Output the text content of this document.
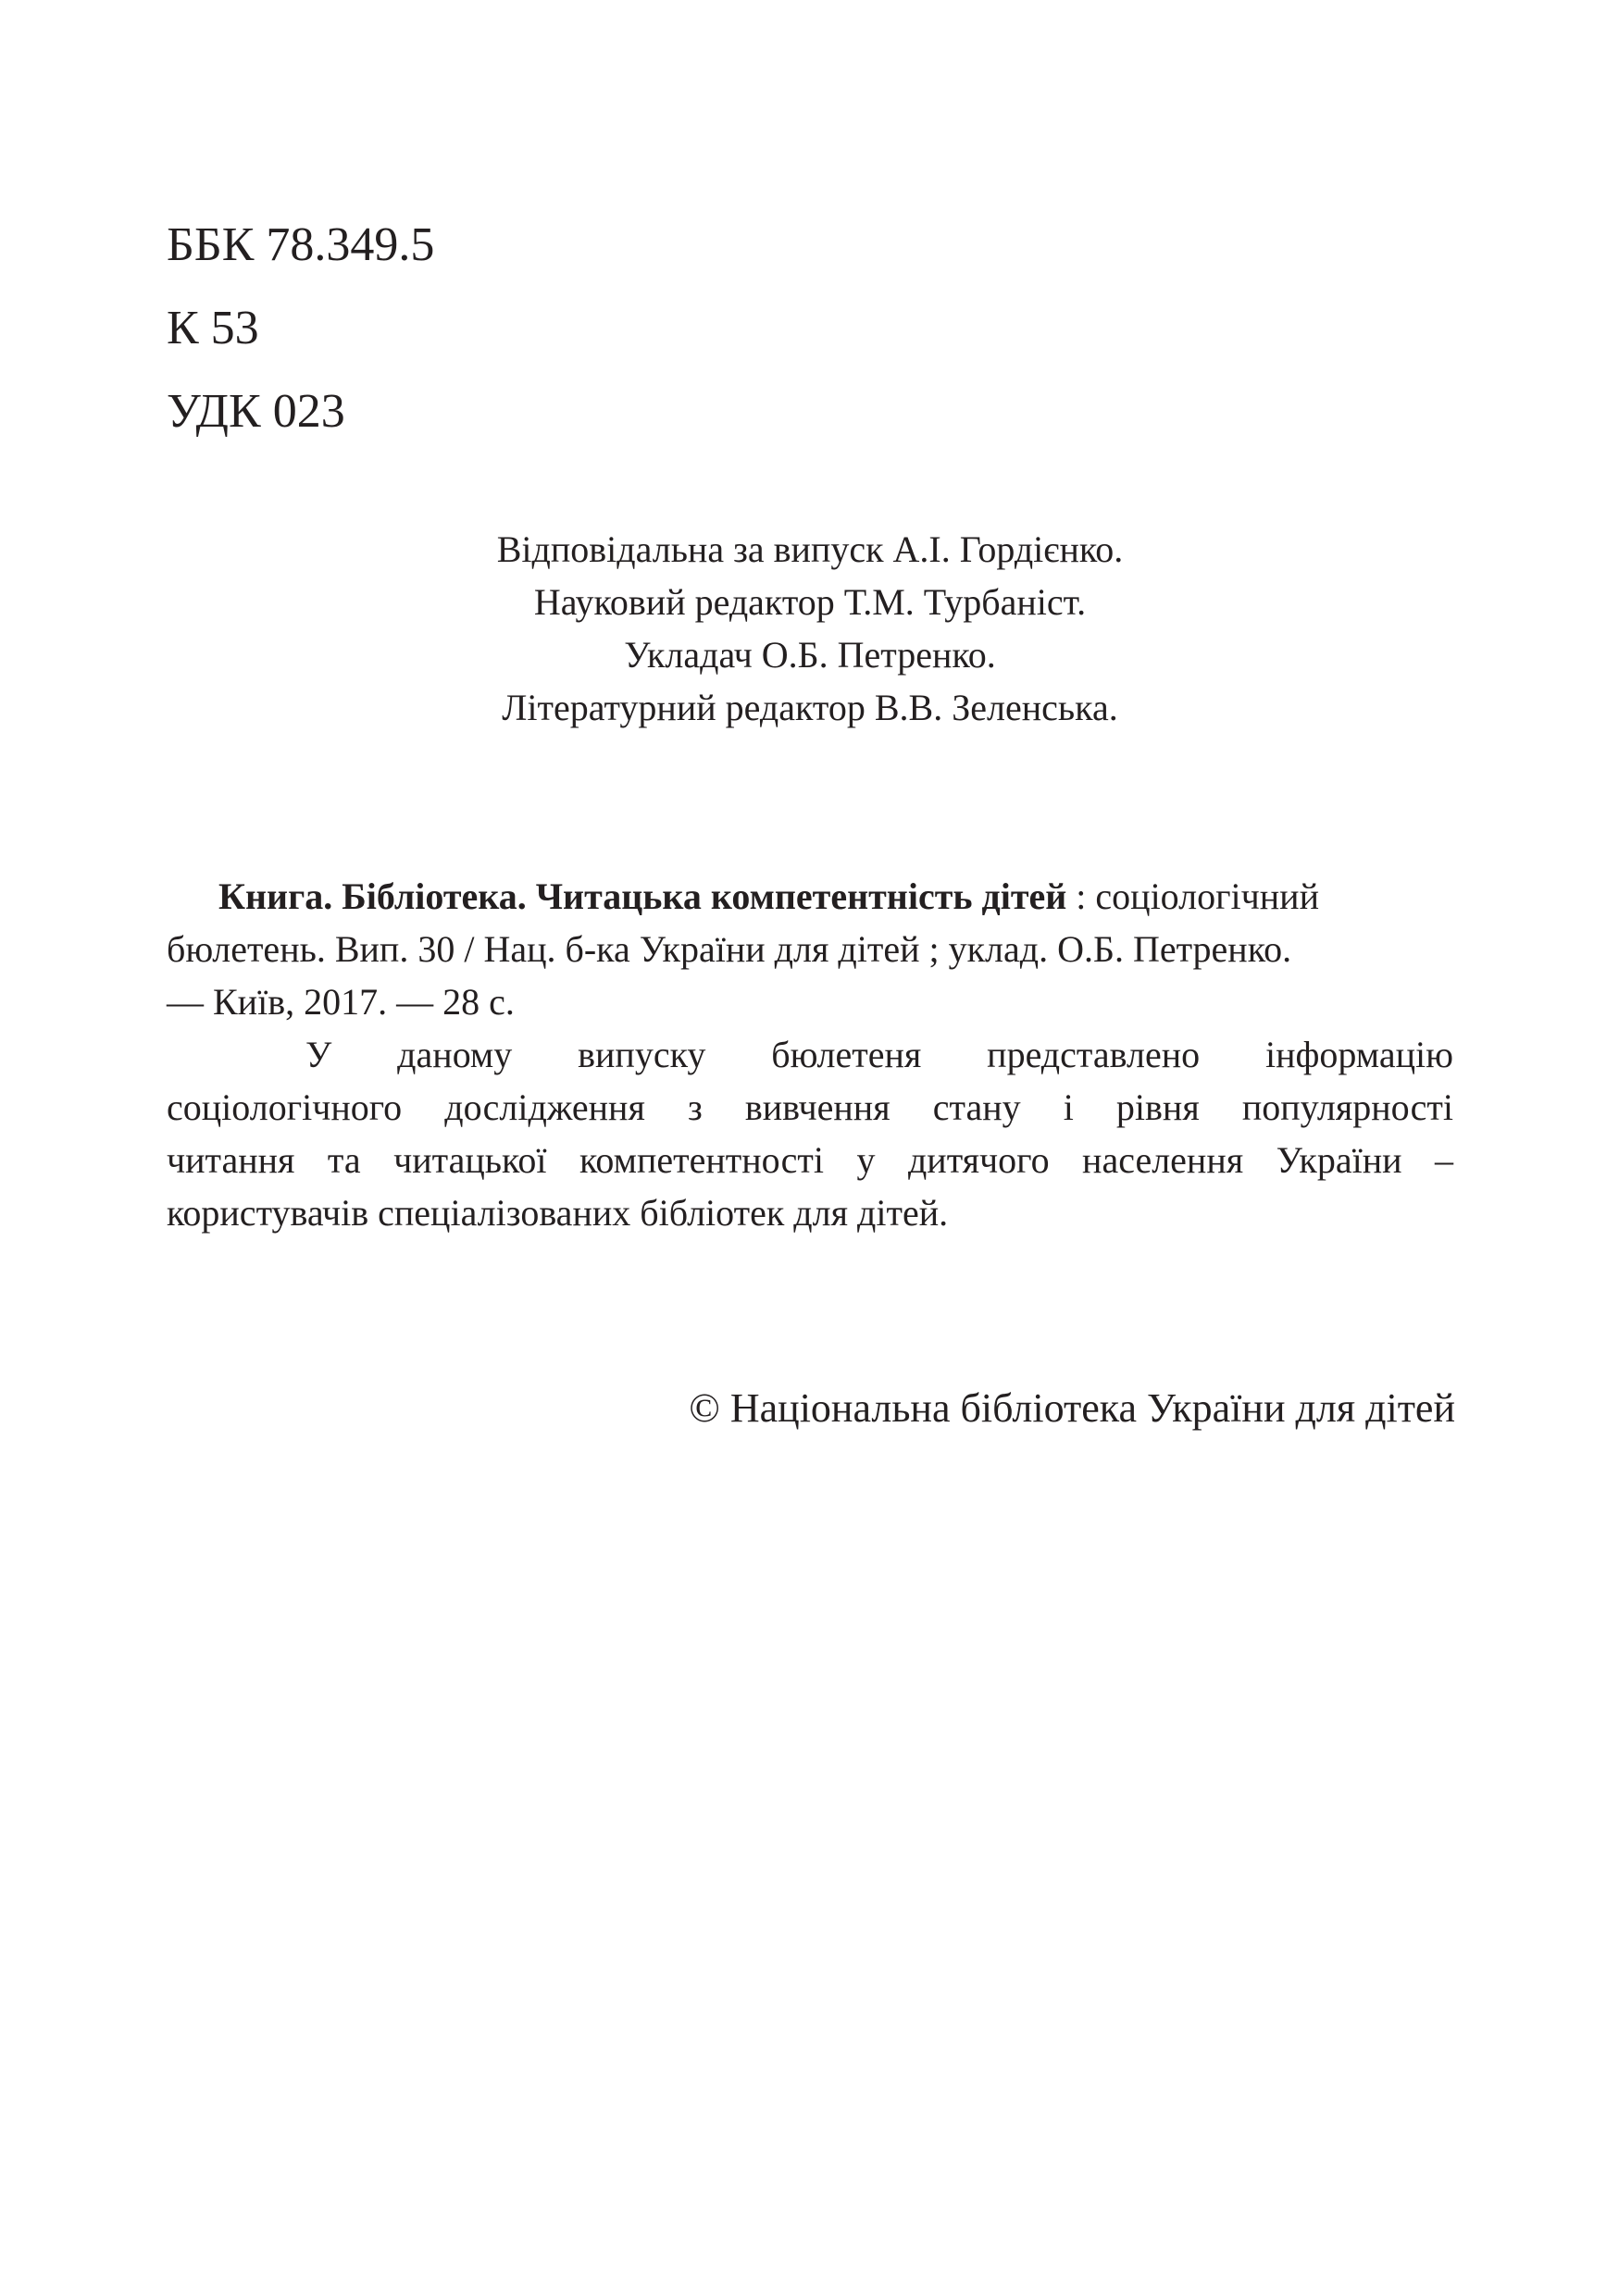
ББК 78.349.5
К 53
УДК 023
Відповідальна за випуск А.І. Гордієнко.
Науковий редактор Т.М. Турбаніст.
Укладач О.Б. Петренко.
Літературний редактор В.В. Зеленська.

Книга. Бібліотека. Читацька компетентність дітей : соціологічний
бюлетень. Вип. 30 / Нац. б-ка України для дітей ; уклад. О.Б. Петренко.
— Київ, 2017. — 28 с.

У даному випуску бюлетеня представлено інформацію
соціологічного дослідження з вивчення стану і рівня популярності
читання та читацької компетентності у дитячого населення України –
користувачів спеціалізованих бібліотек для дітей.
© Національна бібліотека України для дітей
